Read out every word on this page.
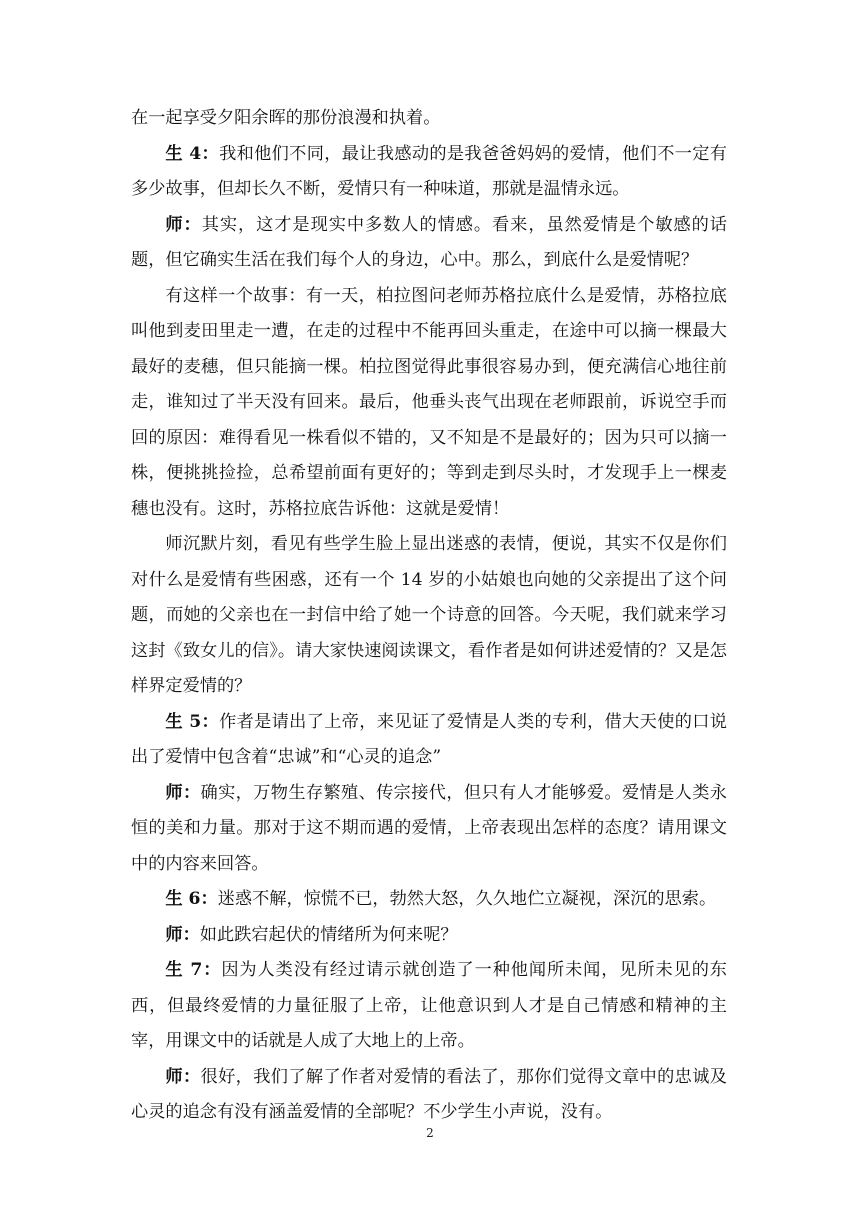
在一起享受夕阳余晖的那份浪漫和执着。

生 4：我和他们不同，最让我感动的是我爸爸妈妈的爱情，他们不一定有多少故事，但却长久不断，爱情只有一种味道，那就是温情永远。

师：其实，这才是现实中多数人的情感。看来，虽然爱情是个敏感的话题，但它确实生活在我们每个人的身边，心中。那么，到底什么是爱情呢？

有这样一个故事：有一天，柏拉图问老师苏格拉底什么是爱情，苏格拉底叫他到麦田里走一遭，在走的过程中不能再回头重走，在途中可以摘一棵最大最好的麦穗，但只能摘一棵。柏拉图觉得此事很容易办到，便充满信心地往前走，谁知过了半天没有回来。最后，他垂头丧气出现在老师跟前，诉说空手而回的原因：难得看见一株看似不错的，又不知是不是最好的；因为只可以摘一株，便挑挑捡捡，总希望前面有更好的；等到走到尽头时，才发现手上一棵麦穗也没有。这时，苏格拉底告诉他：这就是爱情！

师沉默片刻，看见有些学生脸上显出迷惑的表情，便说，其实不仅是你们对什么是爱情有些困惑，还有一个 14 岁的小姑娘也向她的父亲提出了这个问题，而她的父亲也在一封信中给了她一个诗意的回答。今天呢，我们就来学习这封《致女儿的信》。请大家快速阅读课文，看作者是如何讲述爱情的？又是怎样界定爱情的？

生 5：作者是请出了上帝，来见证了爱情是人类的专利，借大天使的口说出了爱情中包含着“忠诚”和“心灵的追念”

师：确实，万物生存繁殖、传宗接代，但只有人才能够爱。爱情是人类永恒的美和力量。那对于这不期而遇的爱情，上帝表现出怎样的态度？请用课文中的内容来回答。

生 6：迷惑不解，惊慌不已，勃然大怒，久久地伫立凝视，深沉的思索。

师：如此跌宕起伏的情绪所为何来呢？

生 7：因为人类没有经过请示就创造了一种他闻所未闻，见所未见的东西，但最终爱情的力量征服了上帝，让他意识到人才是自己情感和精神的主宰，用课文中的话就是人成了大地上的上帝。

师：很好，我们了解了作者对爱情的看法了，那你们觉得文章中的忠诚及心灵的追念有没有涵盖爱情的全部呢？不少学生小声说，没有。

2
